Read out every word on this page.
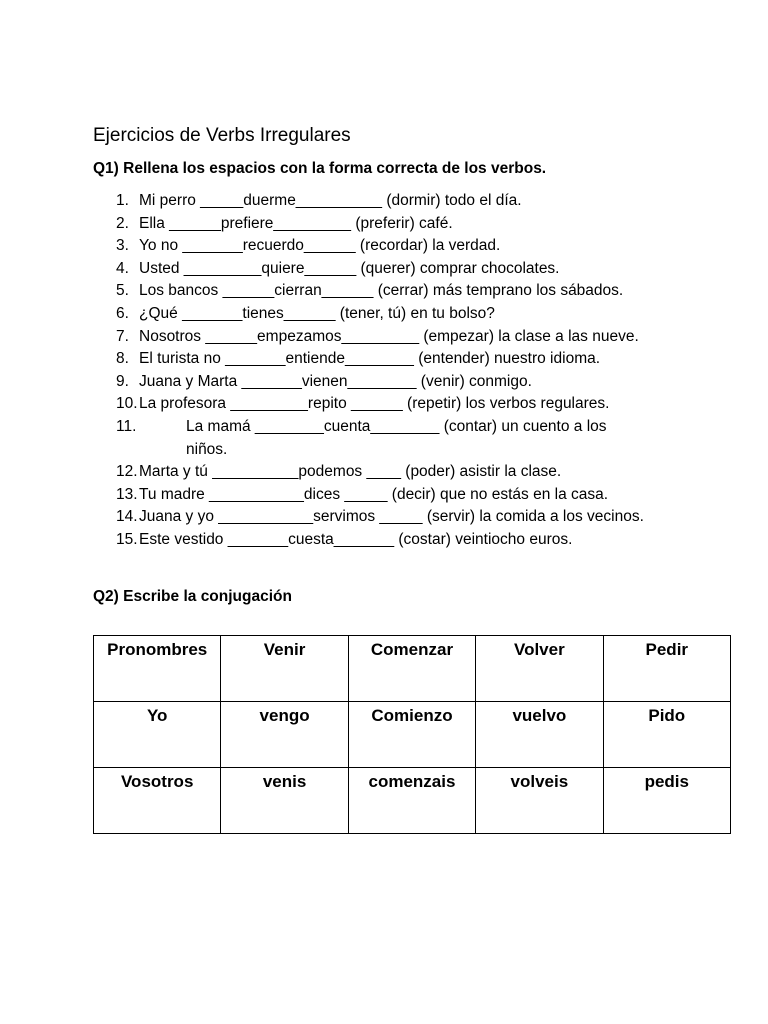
Ejercicios de Verbs Irregulares
Q1) Rellena los espacios con la forma correcta de los verbos.
1. Mi perro _____duerme__________ (dormir) todo el día.
2. Ella ______prefiere_________ (preferir) café.
3. Yo no _______recuerdo______ (recordar) la verdad.
4. Usted _________quiere______ (querer) comprar chocolates.
5. Los bancos ______cierran______ (cerrar) más temprano los sábados.
6. ¿Qué _______tienes______ (tener, tú) en tu bolso?
7. Nosotros ______empezamos_________ (empezar) la clase a las nueve.
8. El turista no _______entiende________ (entender) nuestro idioma.
9. Juana y Marta _______vienen________ (venir) conmigo.
10. La profesora _________repito ______ (repetir) los verbos regulares.
11.	La mamá ________cuenta________ (contar) un cuento a los niños.
12. Marta y tú __________podemos ____ (poder) asistir la clase.
13. Tu madre ___________dices _____ (decir) que no estás en la casa.
14. Juana y yo ___________servimos _____ (servir) la comida a los vecinos.
15. Este vestido _______cuesta_______ (costar) veintiocho euros.
Q2) Escribe la conjugación
Pronombres	Venir	Comenzar	Volver	Pedir
Yo	vengo	Comienzo	vuelvo	Pido
Vosotros	venis	comenzais	volveis	pedis
